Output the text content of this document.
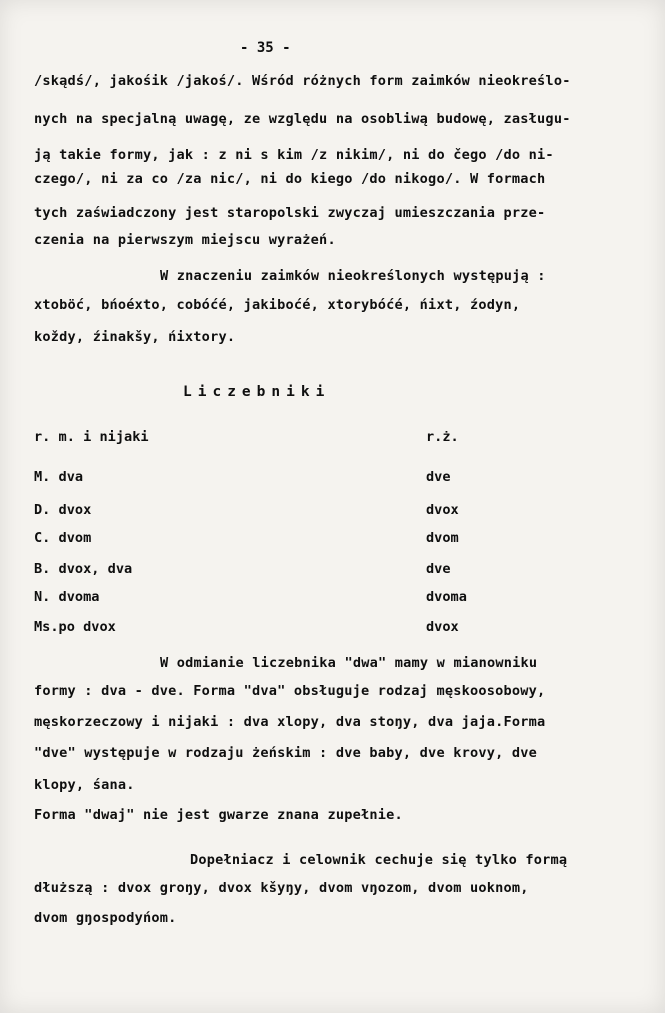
- 35 -
/skądś/, jakośik /jakoś/. Wśród różnych form zaimków nieokreślo-
nych na specjalną uwagę, ze względu na osobliwą budowę, zasługu-
ją takie formy, jak : z ni s kim /z nikim/, ni do čego /do ni-
czego/, ni za co /za nic/, ni do kiego /do nikogo/. W formach
tych zaświadczony jest staropolski zwyczaj umieszczania prze-
czenia na pierwszym miejscu wyrażeń.
W znaczeniu zaimków nieokreślonych występują :
xtoböć, bńoéxto, cobóćé, jakiboćé, xtorybóćé, ńixt, źodyn,
koždy, źinakšy, ńixtory.
Liczebniki
r. m. i nijaki	r.ż.
M. dva	dve
D. dvox	dvox
C. dvom	dvom
B. dvox, dva	dve
N. dvoma	dvoma
Ms.po dvox	dvox
W odmianie liczebnika "dwa" mamy w mianowniku
formy : dva - dve. Forma "dva" obsługuje rodzaj męskoosobowy,
męskorzeczowy i nijaki : dva xlopy, dva stoŋy, dva jaja.Forma
"dve" występuje w rodzaju żeńskim : dve baby, dve krovy, dve
klopy, śana.
Forma "dwaj" nie jest gwarze znana zupełnie.
Dopełniacz i celownik cechuje się tylko formą
dłuższą : dvox groŋy, dvox kšyŋy, dvom vŋozom, dvom uoknom,
dvom gŋospodyńom.
